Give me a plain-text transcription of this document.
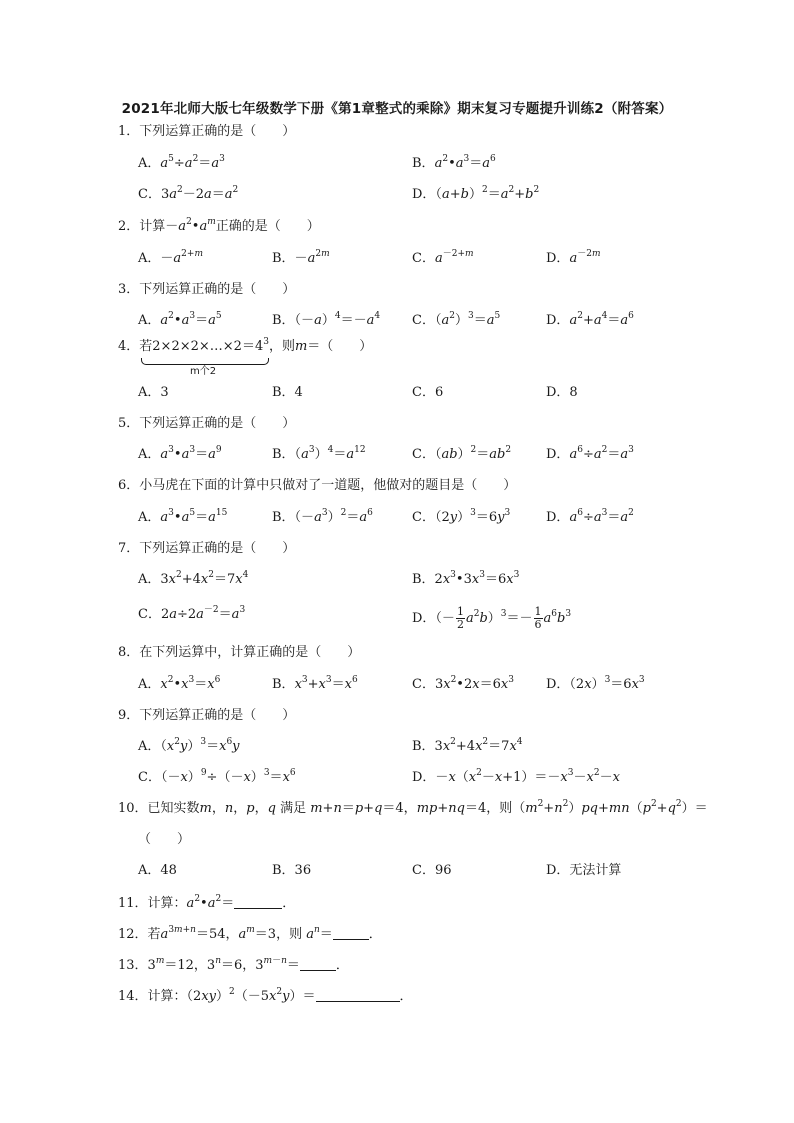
2021年北师大版七年级数学下册《第1章整式的乘除》期末复习专题提升训练2（附答案）
1．下列运算正确的是（　　）
A．$a^5\div a^2=a^3$	B．$a^2•a^3=a^6$
C．$3a^2-2a=a^2$	D．$(a+b)^2=a^2+b^2$
2．计算$-a^2•a^m$正确的是（　　）
A．$-a^{2+m}$	B．$-a^{2m}$	C．$a^{-2+m}$	D．$a^{-2m}$
3．下列运算正确的是（　　）
A．$a^2•a^3=a^5$	B．$(-a)^4=-a^4$ C．$(a^2)^3=a^5$	D．$a^2+a^4=a^6$
4．若$2\times 2\times 2\times\dots\times 2=4^3$，则m＝（　　）
m个2
A．3	B．4	C．6	D．8
5．下列运算正确的是（　　）
A．$a^3•a^3=a^9$	B．$(a^3)^4=a^{12}$	C．$(ab)^2=ab^2$	D．$a^6\div a^2=a^3$
6．小马虎在下面的计算中只做对了一道题，他做对的题目是（　　）
A．$a^3•a^5=a^{15}$	B．$(-a^3)^2=a^6$	C．$(2y)^3=6y^3$	D．$a^6\div a^3=a^2$
7．下列运算正确的是（　　）
A．$3x^2+4x^2=7x^4$	B．$2x^3•3x^3=6x^3$
C．$2a\div 2a^{-2}=a^3$
D．（－ $\frac{1}{2} a^2b)^3=- \frac{1}{6} a^6b^3$
8．在下列运算中，计算正确的是（　　）
A．$x^2•x^3=x^6$	B．$x^3+x^3=x^6$	C．$3x^2•2x=6x^3$ D．$(2x)^3=6x^3$
9．下列运算正确的是（　　）
A．$(x^2y)^3=x^6y$	B．$3x^2+4x^2=7x^4$
C．$(-x)^9\div(-x)^3=x^6$	D．$-x(x^2-x+1)=-x^3-x^2-x$
10．已知实数m，n，p，q 满足 m+n＝p+q＝4，mp+nq＝4，则$(m^2+n^2)pq+mn(p^2+q^2)=$
（　　）
A．48	B．36	C．96	D．无法计算
11．计算：$a^2•a^2=$	．
12．若$a^{3m+n}=54$，$a^m=3$，则 $a^n=$	．
13．$3^m=12$，$3^n=6$，$3^{m-n}=$	．
14．计算：$(2xy)^2(-5x^2y)=$	．
